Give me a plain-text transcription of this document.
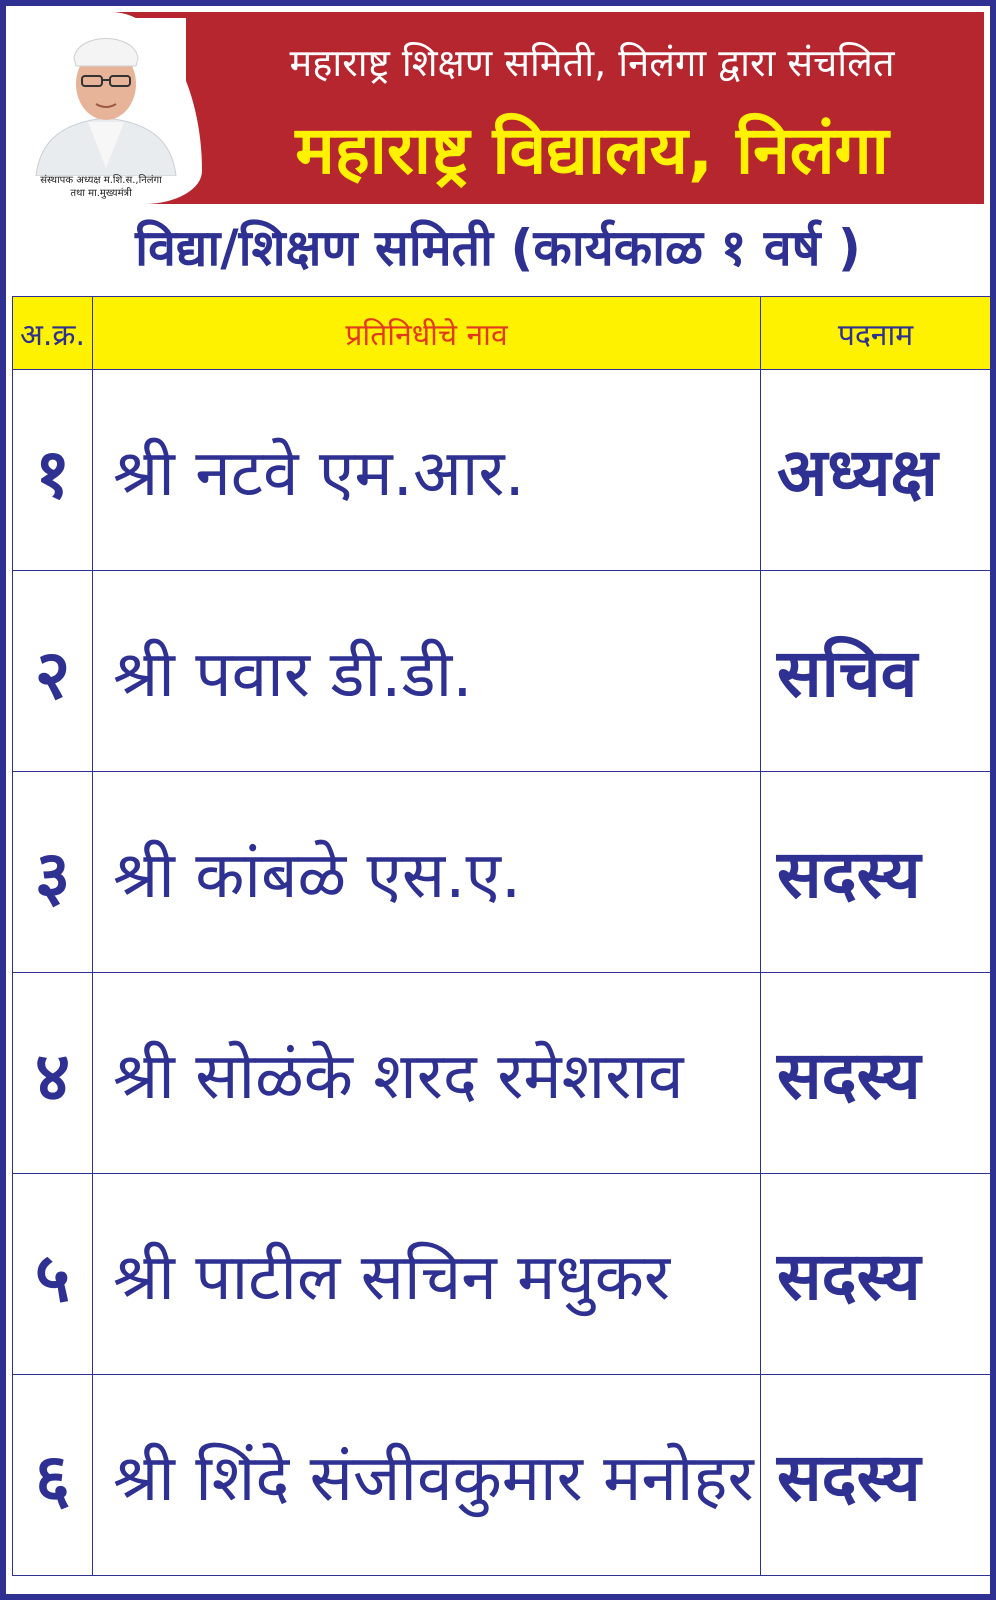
संस्थापक अध्यक्ष म.शि.स.,निलंगा
तथा मा.मुख्यमंत्री
महाराष्ट्र शिक्षण समिती, निलंगा द्वारा संचलित
महाराष्ट्र विद्यालय, निलंगा
विद्या/शिक्षण समिती (कार्यकाळ १ वर्ष )
अ.क्र.	प्रतिनिधीचे नाव	पदनाम
१	श्री नटवे एम.आर.	अध्यक्ष
२	श्री पवार डी.डी.	सचिव
३	श्री कांबळे एस.ए.	सदस्य
४	श्री सोळंके शरद रमेशराव	सदस्य
५	श्री पाटील सचिन मधुकर	सदस्य
६	श्री शिंदे संजीवकुमार मनोहर	सदस्य
